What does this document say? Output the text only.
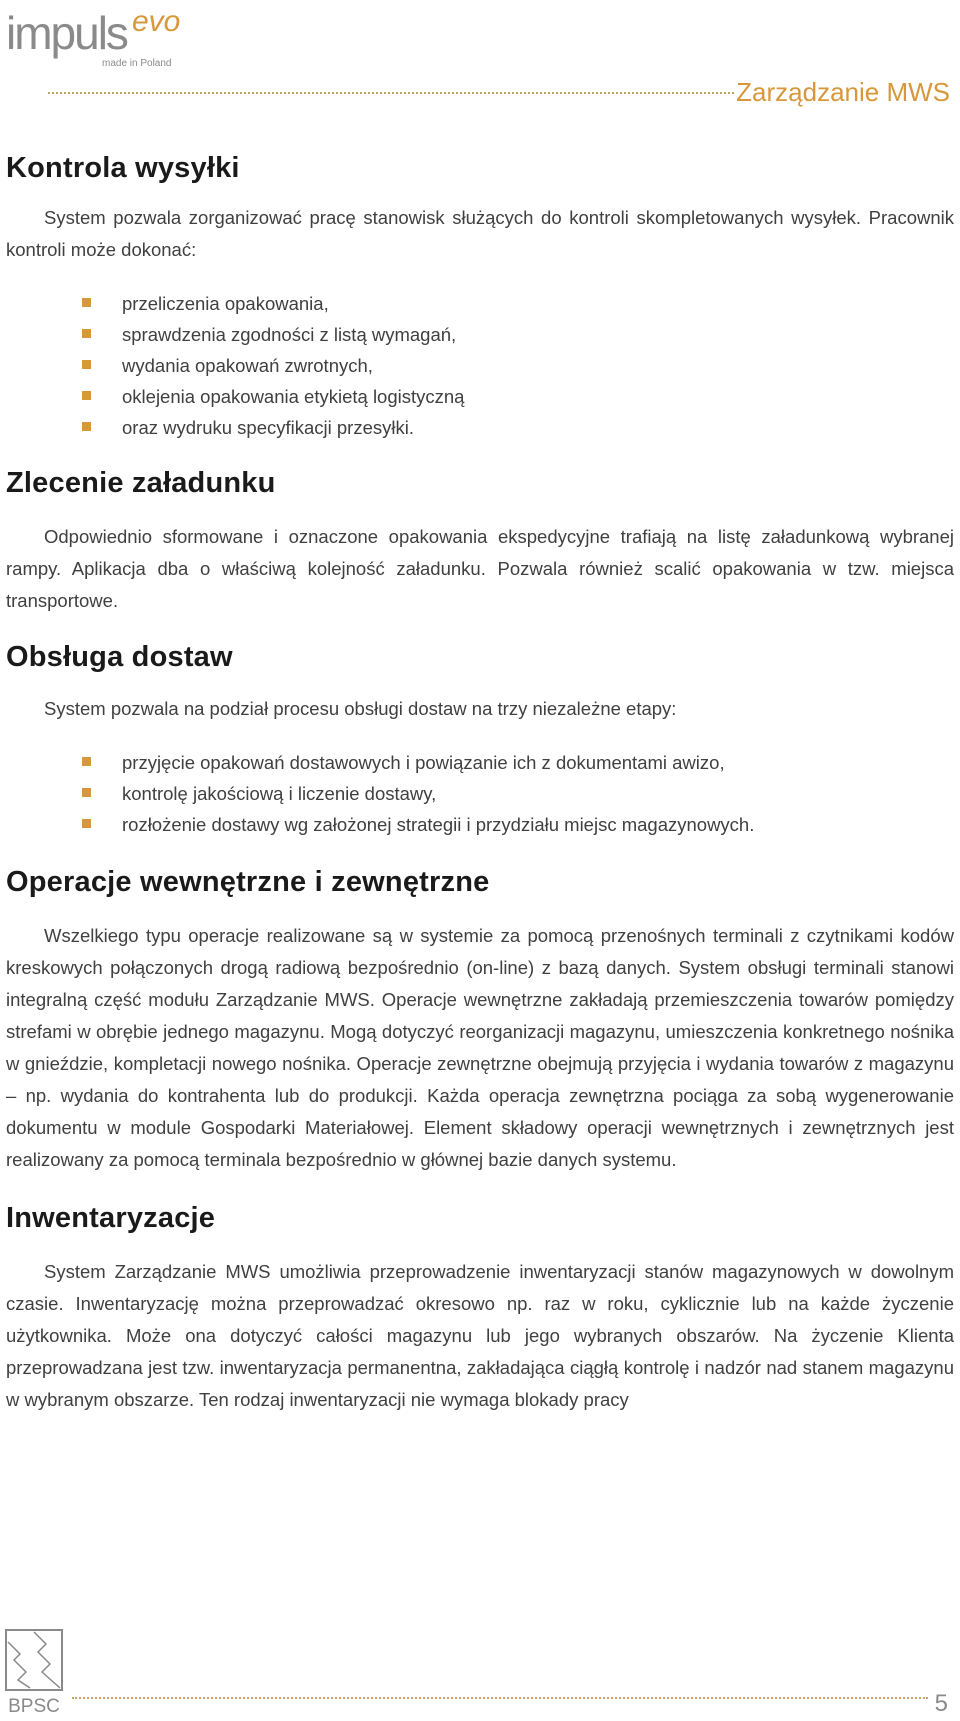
impuls evo
made in Poland
Zarządzanie MWS
Kontrola wysyłki

System pozwala zorganizować pracę stanowisk służących do kontroli skompletowanych wysyłek. Pracownik kontroli może dokonać:

przeliczenia opakowania,
sprawdzenia zgodności z listą wymagań,
wydania opakowań zwrotnych,
oklejenia opakowania etykietą logistyczną
oraz wydruku specyfikacji przesyłki.
Zlecenie załadunku

Odpowiednio sformowane i oznaczone opakowania ekspedycyjne trafiają na listę załadunkową wybranej rampy. Aplikacja dba o właściwą kolejność załadunku. Pozwala również scalić opakowania w tzw. miejsca transportowe.

Obsługa dostaw

System pozwala na podział procesu obsługi dostaw na trzy niezależne etapy:

przyjęcie opakowań dostawowych i powiązanie ich z dokumentami awizo,
kontrolę jakościową i liczenie dostawy,
rozłożenie dostawy wg założonej strategii i przydziału miejsc magazynowych.
Operacje wewnętrzne i zewnętrzne

Wszelkiego typu operacje realizowane są w systemie za pomocą przenośnych terminali z czytnikami kodów kreskowych połączonych drogą radiową bezpośrednio (on-line) z bazą danych. System obsługi terminali stanowi integralną część modułu Zarządzanie MWS. Operacje wewnętrzne zakładają przemieszczenia towarów pomiędzy strefami w obrębie jednego magazynu. Mogą dotyczyć reorganizacji magazynu, umieszczenia konkretnego nośnika w gnieździe, kompletacji nowego nośnika. Operacje zewnętrzne obejmują przyjęcia i wydania towarów z magazynu – np. wydania do kontrahenta lub do produkcji. Każda operacja zewnętrzna pociąga za sobą wygenerowanie dokumentu w module Gospodarki Materiałowej. Element składowy operacji wewnętrznych i zewnętrznych jest realizowany za pomocą terminala bezpośrednio w głównej bazie danych systemu.

Inwentaryzacje

System Zarządzanie MWS umożliwia przeprowadzenie inwentaryzacji stanów magazynowych w dowolnym czasie. Inwentaryzację można przeprowadzać okresowo np. raz w roku, cyklicznie lub na każde życzenie użytkownika. Może ona dotyczyć całości magazynu lub jego wybranych obszarów. Na życzenie Klienta przeprowadzana jest tzw. inwentaryzacja permanentna, zakładająca ciągłą kontrolę i nadzór nad stanem magazynu w wybranym obszarze. Ten rodzaj inwentaryzacji nie wymaga blokady pracy

BPSC	5
